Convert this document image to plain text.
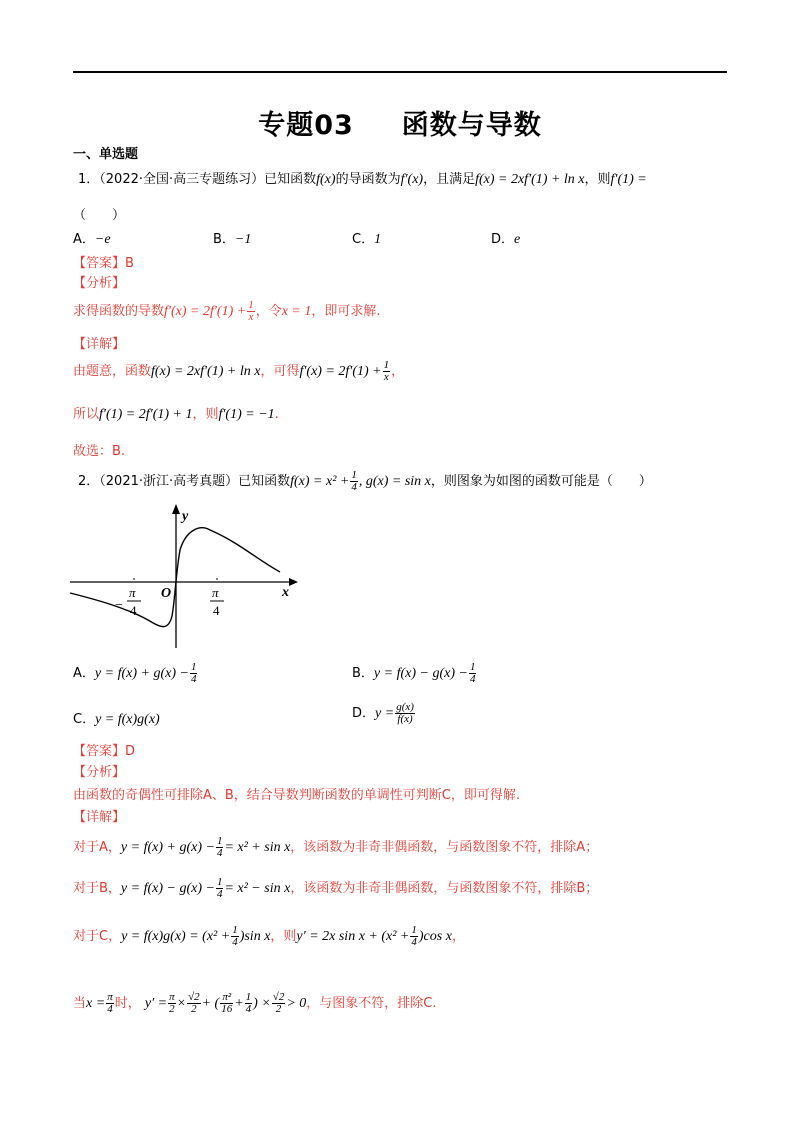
专题03 函数与导数
一、单选题
1．（2022·全国·高三专题练习）已知函数f(x)的导函数为f′(x)，且满足f(x) = 2xf′(1) + ln x，则f′(1) =
（　　）
A．−e	B．−1	C．1	D．e
【答案】B
【分析】
求得函数的导数$f'(x) = 2f'(1) + \frac{1}{x}$ ，令x = 1，即可求解.
【详解】
由题意，函数f(x) = 2xf′(1) + ln x，可得$f'(x) = 2f'(1) + \frac{1}{x}$ ，
所以f′(1) = 2f′(1) + 1，则f′(1) = −1.
故选：B.
2．（2021·浙江·高考真题）已知函数$f(x) = x^2 + \frac{1}{4}$ , g(x) = sin x，则图象为如图的函数可能是（　　）
y
x
O
−
π
4
π
4
A．$y = f(x) + g(x) - \frac{1}{4}$	B．$y = f(x) - g(x) - \frac{1}{4}$
C．y = f(x)g(x)	D．$y = \frac{g(x)}{f(x)}$
【答案】D
【分析】
由函数的奇偶性可排除A、B，结合导数判断函数的单调性可判断C，即可得解.
【详解】
对于A，$y = f(x) + g(x) - \frac{1}{4} = x^2 + \sin x$，该函数为非奇非偶函数，与函数图象不符，排除A；
对于B，$y = f(x) - g(x) - \frac{1}{4} = x^2 - \sin x$，该函数为非奇非偶函数，与函数图象不符，排除B；
对于C，$y = f(x)g(x) = (x^2 + \frac{1}{4} )\sin$ x，则y′ = 2x $\sin x + (x^2 + \frac{1}{4} )\cos$ x，
当$x = \frac{\pi}{4}$ 时， $y' = \frac{\pi}{2} \times \frac{√2}{2}$ + ( $\frac{\text{π²}}{16} + \frac{1}{4}$ ) × $\frac{√2}{2} > 0$，与图象不符，排除C.
